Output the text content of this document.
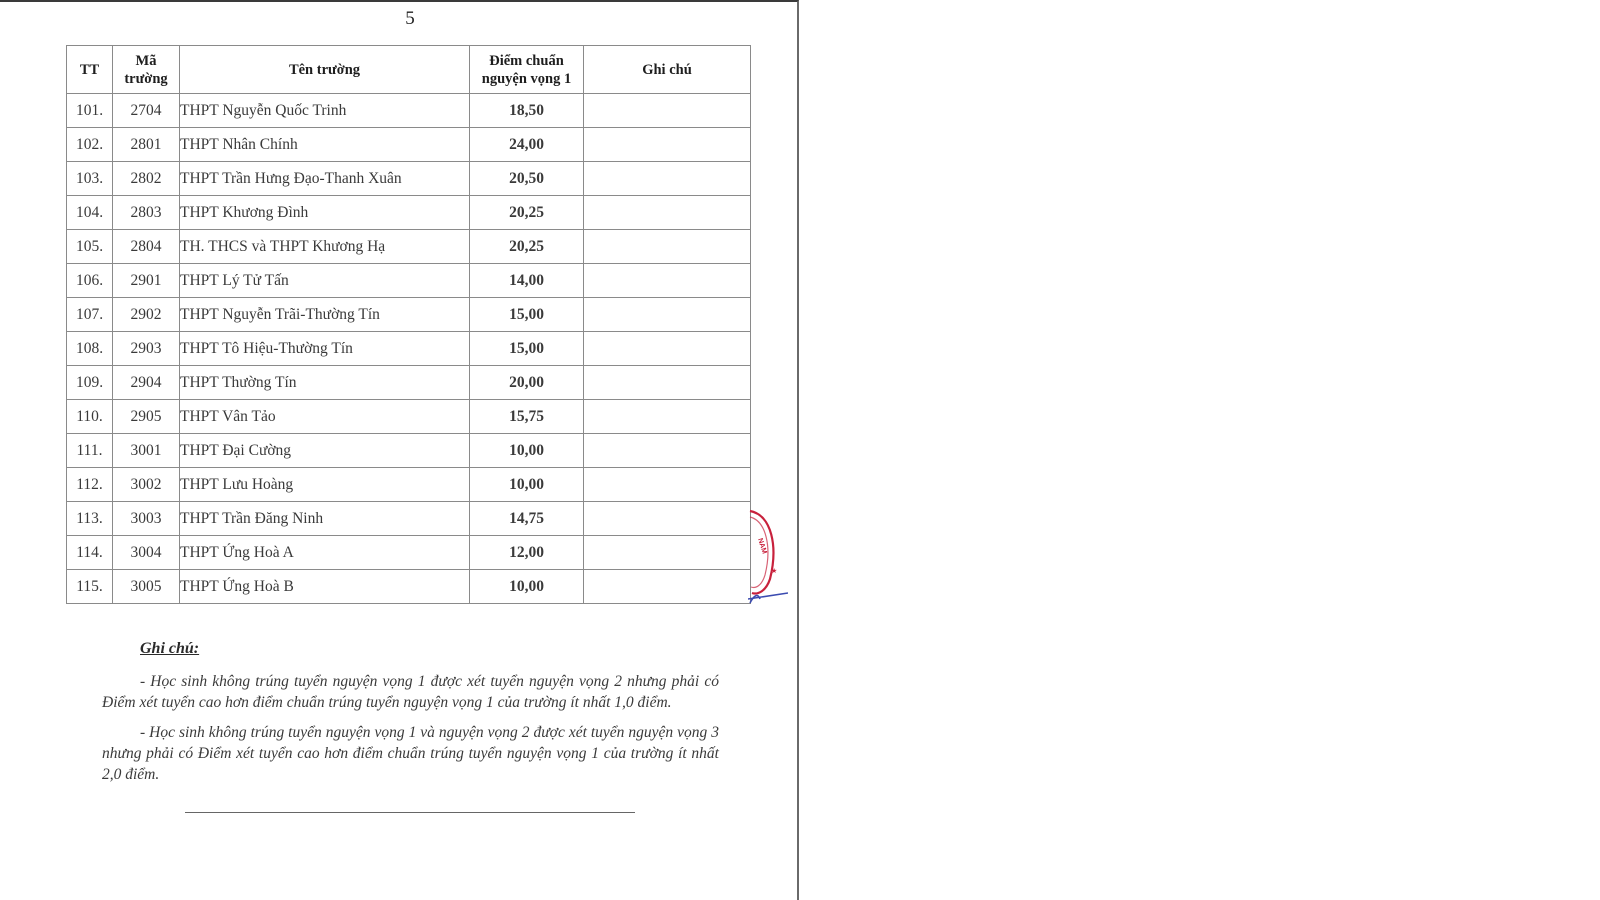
5
TT	Mã trường	Tên trường	Điểm chuẩn nguyện vọng 1	Ghi chú
101.	2704	THPT Nguyễn Quốc Trinh	18,50	
102.	2801	THPT Nhân Chính	24,00	
103.	2802	THPT Trần Hưng Đạo-Thanh Xuân	20,50	
104.	2803	THPT Khương Đình	20,25	
105.	2804	TH. THCS và THPT Khương Hạ	20,25	
106.	2901	THPT Lý Tử Tấn	14,00	
107.	2902	THPT Nguyễn Trãi-Thường Tín	15,00	
108.	2903	THPT Tô Hiệu-Thường Tín	15,00	
109.	2904	THPT Thường Tín	20,00	
110.	2905	THPT Vân Tảo	15,75	
111.	3001	THPT Đại Cường	10,00	
112.	3002	THPT Lưu Hoàng	10,00	
113.	3003	THPT Trần Đăng Ninh	14,75	
114.	3004	THPT Ứng Hoà A	12,00	
115.	3005	THPT Ứng Hoà B	10,00	
NAM
★
Ghi chú:

- Học sinh không trúng tuyển nguyện vọng 1 được xét tuyển nguyện vọng 2 nhưng phải có Điểm xét tuyển cao hơn điểm chuẩn trúng tuyển nguyện vọng 1 của trường ít nhất 1,0 điểm.

- Học sinh không trúng tuyển nguyện vọng 1 và nguyện vọng 2 được xét tuyển nguyện vọng 3 nhưng phải có Điểm xét tuyển cao hơn điểm chuẩn trúng tuyển nguyện vọng 1 của trường ít nhất 2,0 điểm.
